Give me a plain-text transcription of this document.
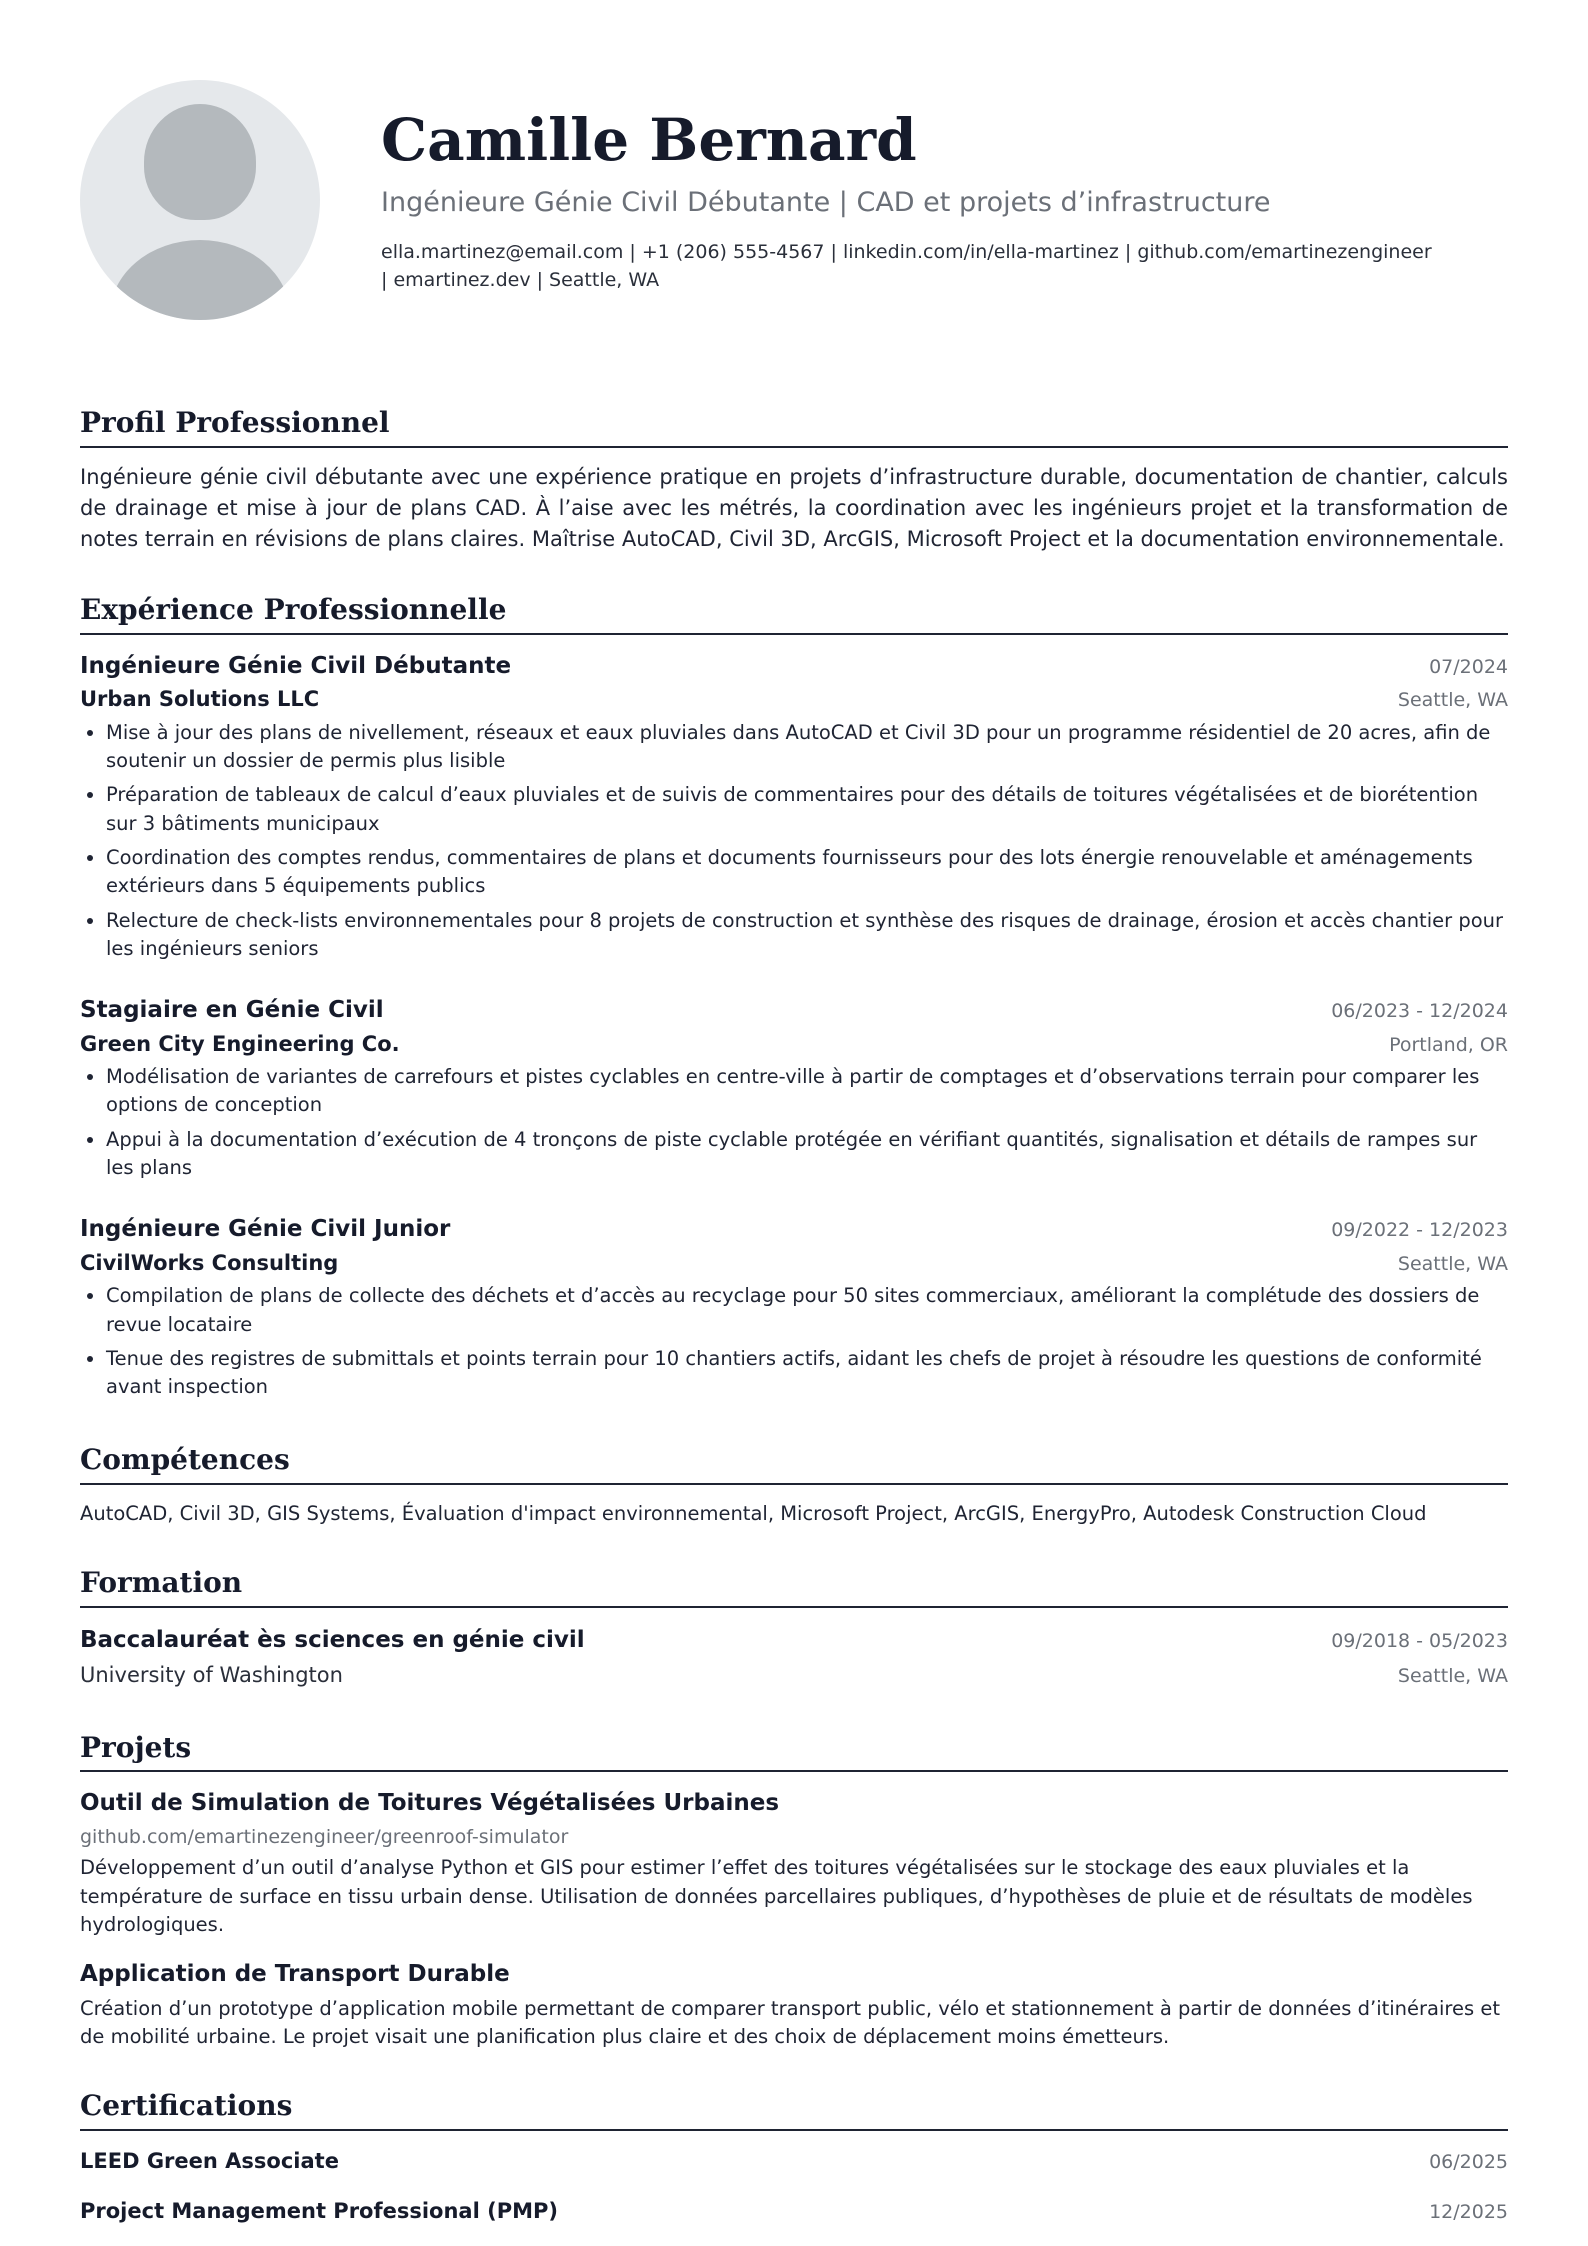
Camille Bernard
Ingénieure Génie Civil Débutante | CAD et projets d’infrastructure
ella.martinez@email.com | +1 (206) 555-4567 | linkedin.com/in/ella-martinez | github.com/emartinezengineer | emartinez.dev | Seattle, WA
Profil Professionnel

Ingénieure génie civil débutante avec une expérience pratique en projets d’infrastructure durable, documentation de chantier, calculs de drainage et mise à jour de plans CAD. À l’aise avec les métrés, la coordination avec les ingénieurs projet et la transformation de notes terrain en révisions de plans claires. Maîtrise AutoCAD, Civil 3D, ArcGIS, Microsoft Project et la documentation environnementale.

Expérience Professionnelle
Ingénieure Génie Civil Débutante	07/2024
Urban Solutions LLC	Seattle, WA
• Mise à jour des plans de nivellement, réseaux et eaux pluviales dans AutoCAD et Civil 3D pour un programme résidentiel de 20 acres, afin de soutenir un dossier de permis plus lisible
• Préparation de tableaux de calcul d’eaux pluviales et de suivis de commentaires pour des détails de toitures végétalisées et de biorétention sur 3 bâtiments municipaux
• Coordination des comptes rendus, commentaires de plans et documents fournisseurs pour des lots énergie renouvelable et aménagements extérieurs dans 5 équipements publics
• Relecture de check-lists environnementales pour 8 projets de construction et synthèse des risques de drainage, érosion et accès chantier pour les ingénieurs seniors
Stagiaire en Génie Civil	06/2023 - 12/2024
Green City Engineering Co.	Portland, OR
• Modélisation de variantes de carrefours et pistes cyclables en centre-ville à partir de comptages et d’observations terrain pour comparer les options de conception
• Appui à la documentation d’exécution de 4 tronçons de piste cyclable protégée en vérifiant quantités, signalisation et détails de rampes sur les plans
Ingénieure Génie Civil Junior	09/2022 - 12/2023
CivilWorks Consulting	Seattle, WA
• Compilation de plans de collecte des déchets et d’accès au recyclage pour 50 sites commerciaux, améliorant la complétude des dossiers de revue locataire
• Tenue des registres de submittals et points terrain pour 10 chantiers actifs, aidant les chefs de projet à résoudre les questions de conformité avant inspection
Compétences

AutoCAD, Civil 3D, GIS Systems, Évaluation d'impact environnemental, Microsoft Project, ArcGIS, EnergyPro, Autodesk Construction Cloud

Formation
Baccalauréat ès sciences en génie civil	09/2018 - 05/2023
University of Washington	Seattle, WA
Projets
Outil de Simulation de Toitures Végétalisées Urbaines
github.com/emartinezengineer/greenroof-simulator

Développement d’un outil d’analyse Python et GIS pour estimer l’effet des toitures végétalisées sur le stockage des eaux pluviales et la température de surface en tissu urbain dense. Utilisation de données parcellaires publiques, d’hypothèses de pluie et de résultats de modèles hydrologiques.

Application de Transport Durable

Création d’un prototype d’application mobile permettant de comparer transport public, vélo et stationnement à partir de données d’itinéraires et de mobilité urbaine. Le projet visait une planification plus claire et des choix de déplacement moins émetteurs.

Certifications
LEED Green Associate	06/2025
Project Management Professional (PMP)	12/2025
